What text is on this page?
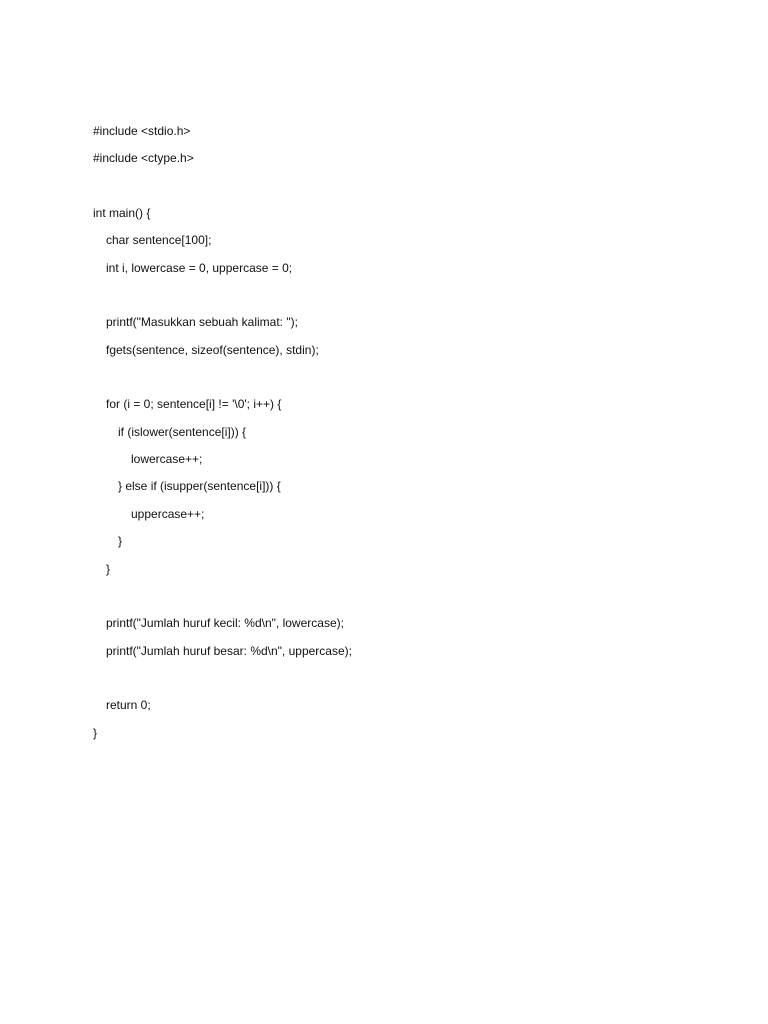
#include <stdio.h>
#include <ctype.h>
int main() {
char sentence[100];
int i, lowercase = 0, uppercase = 0;
printf("Masukkan sebuah kalimat: ");
fgets(sentence, sizeof(sentence), stdin);
for (i = 0; sentence[i] != '\0'; i++) {
if (islower(sentence[i])) {
lowercase++;
} else if (isupper(sentence[i])) {
uppercase++;
}
}
printf("Jumlah huruf kecil: %d\n", lowercase);
printf("Jumlah huruf besar: %d\n", uppercase);
return 0;
}
